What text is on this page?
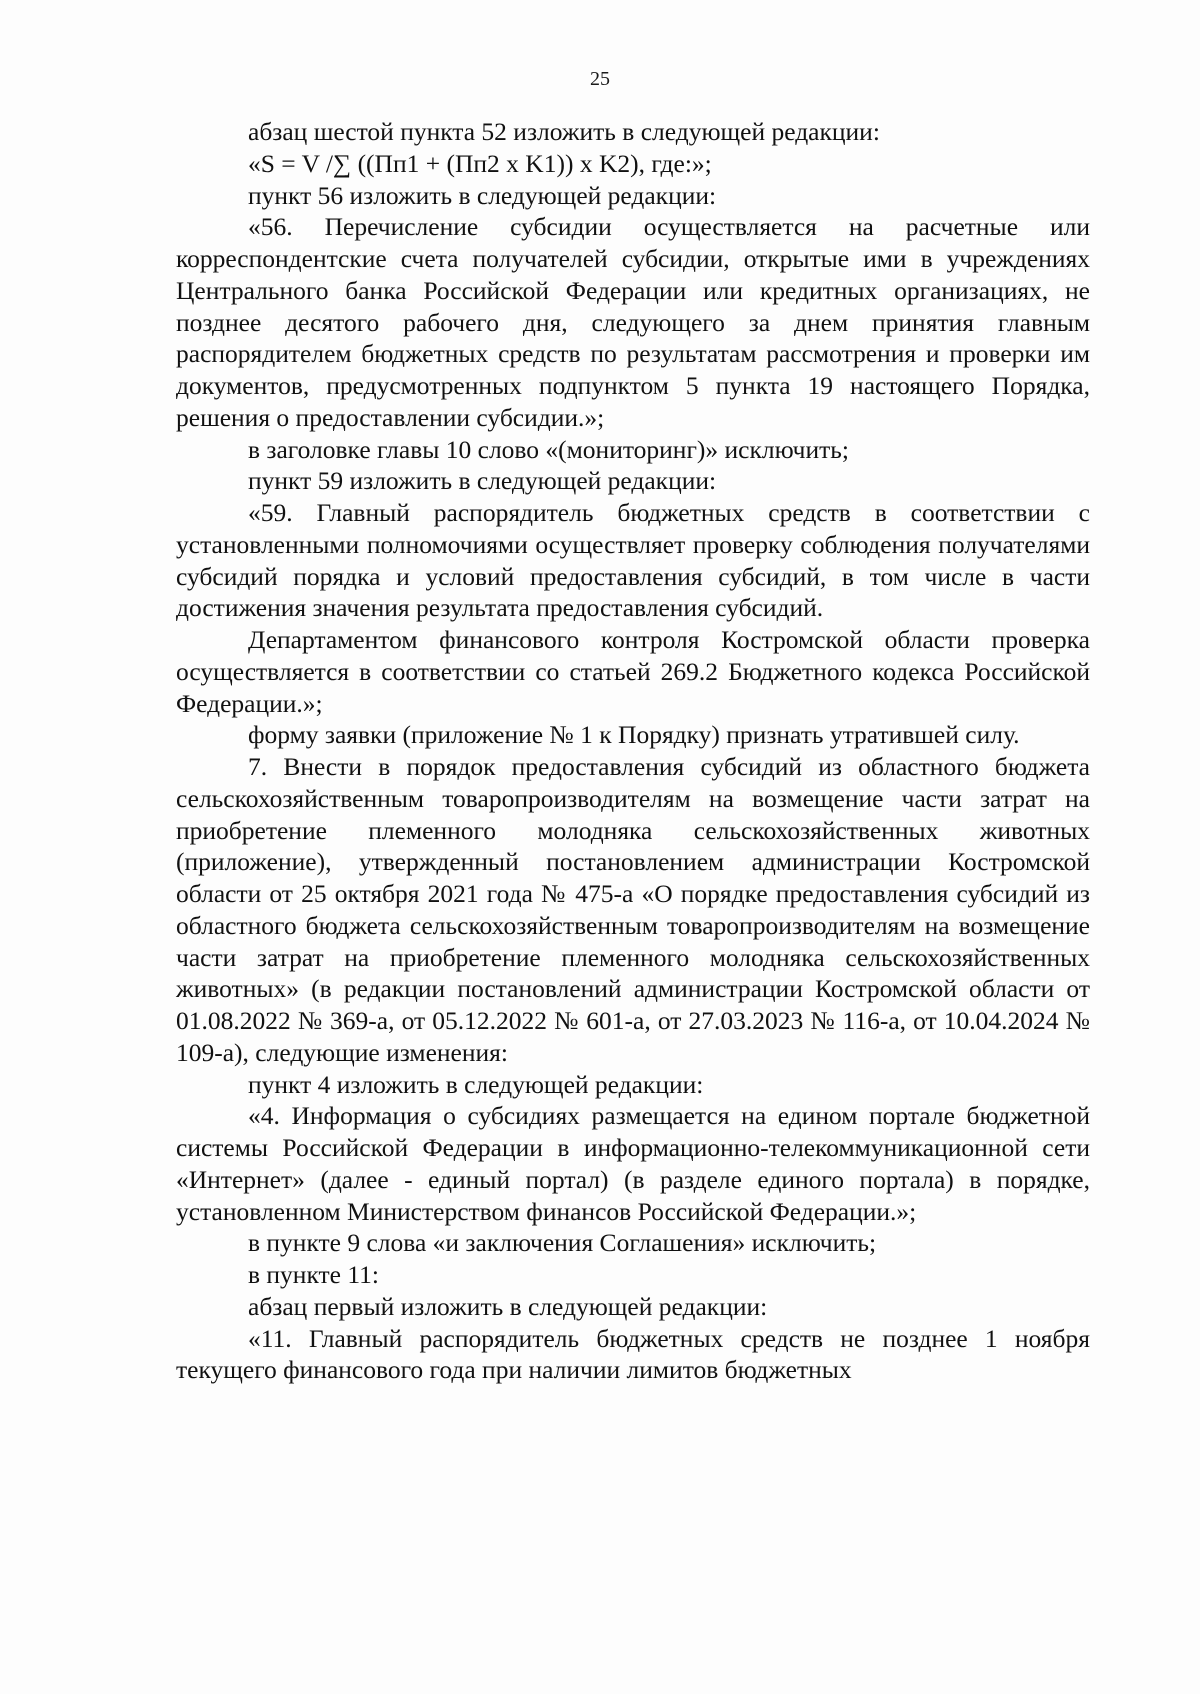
25

абзац шестой пункта 52 изложить в следующей редакции:

«S = V /∑ ((Пп1 + (Пп2 x K1)) x K2), где:»;

пункт 56 изложить в следующей редакции:

«56. Перечисление субсидии осуществляется на расчетные или корреспондентские счета получателей субсидии, открытые ими в учреждениях Центрального банка Российской Федерации или кредитных организациях, не позднее десятого рабочего дня, следующего за днем принятия главным распорядителем бюджетных средств по результатам рассмотрения и проверки им документов, предусмотренных подпунктом 5 пункта 19 настоящего Порядка, решения о предоставлении субсидии.»;

в заголовке главы 10 слово «(мониторинг)» исключить;

пункт 59 изложить в следующей редакции:

«59. Главный распорядитель бюджетных средств в соответствии с установленными полномочиями осуществляет проверку соблюдения получателями субсидий порядка и условий предоставления субсидий, в том числе в части достижения значения результата предоставления субсидий.

Департаментом финансового контроля Костромской области проверка осуществляется в соответствии со статьей 269.2 Бюджетного кодекса Российской Федерации.»;

форму заявки (приложение № 1 к Порядку) признать утратившей силу.

7. Внести в порядок предоставления субсидий из областного бюджета сельскохозяйственным товаропроизводителям на возмещение части затрат на приобретение племенного молодняка сельскохозяйственных животных (приложение), утвержденный постановлением администрации Костромской области от 25 октября 2021 года № 475-а «О порядке предоставления субсидий из областного бюджета сельскохозяйственным товаропроизводителям на возмещение части затрат на приобретение племенного молодняка сельскохозяйственных животных» (в редакции постановлений администрации Костромской области от 01.08.2022 № 369-а, от 05.12.2022 № 601-а, от 27.03.2023 № 116-а, от 10.04.2024 № 109-а), следующие изменения:

пункт 4 изложить в следующей редакции:

«4. Информация о субсидиях размещается на едином портале бюджетной системы Российской Федерации в информационно-телекоммуникационной сети «Интернет» (далее - единый портал) (в разделе единого портала) в порядке, установленном Министерством финансов Российской Федерации.»;

в пункте 9 слова «и заключения Соглашения» исключить;

в пункте 11:

абзац первый изложить в следующей редакции:

«11. Главный распорядитель бюджетных средств не позднее 1 ноября текущего финансового года при наличии лимитов бюджетных
